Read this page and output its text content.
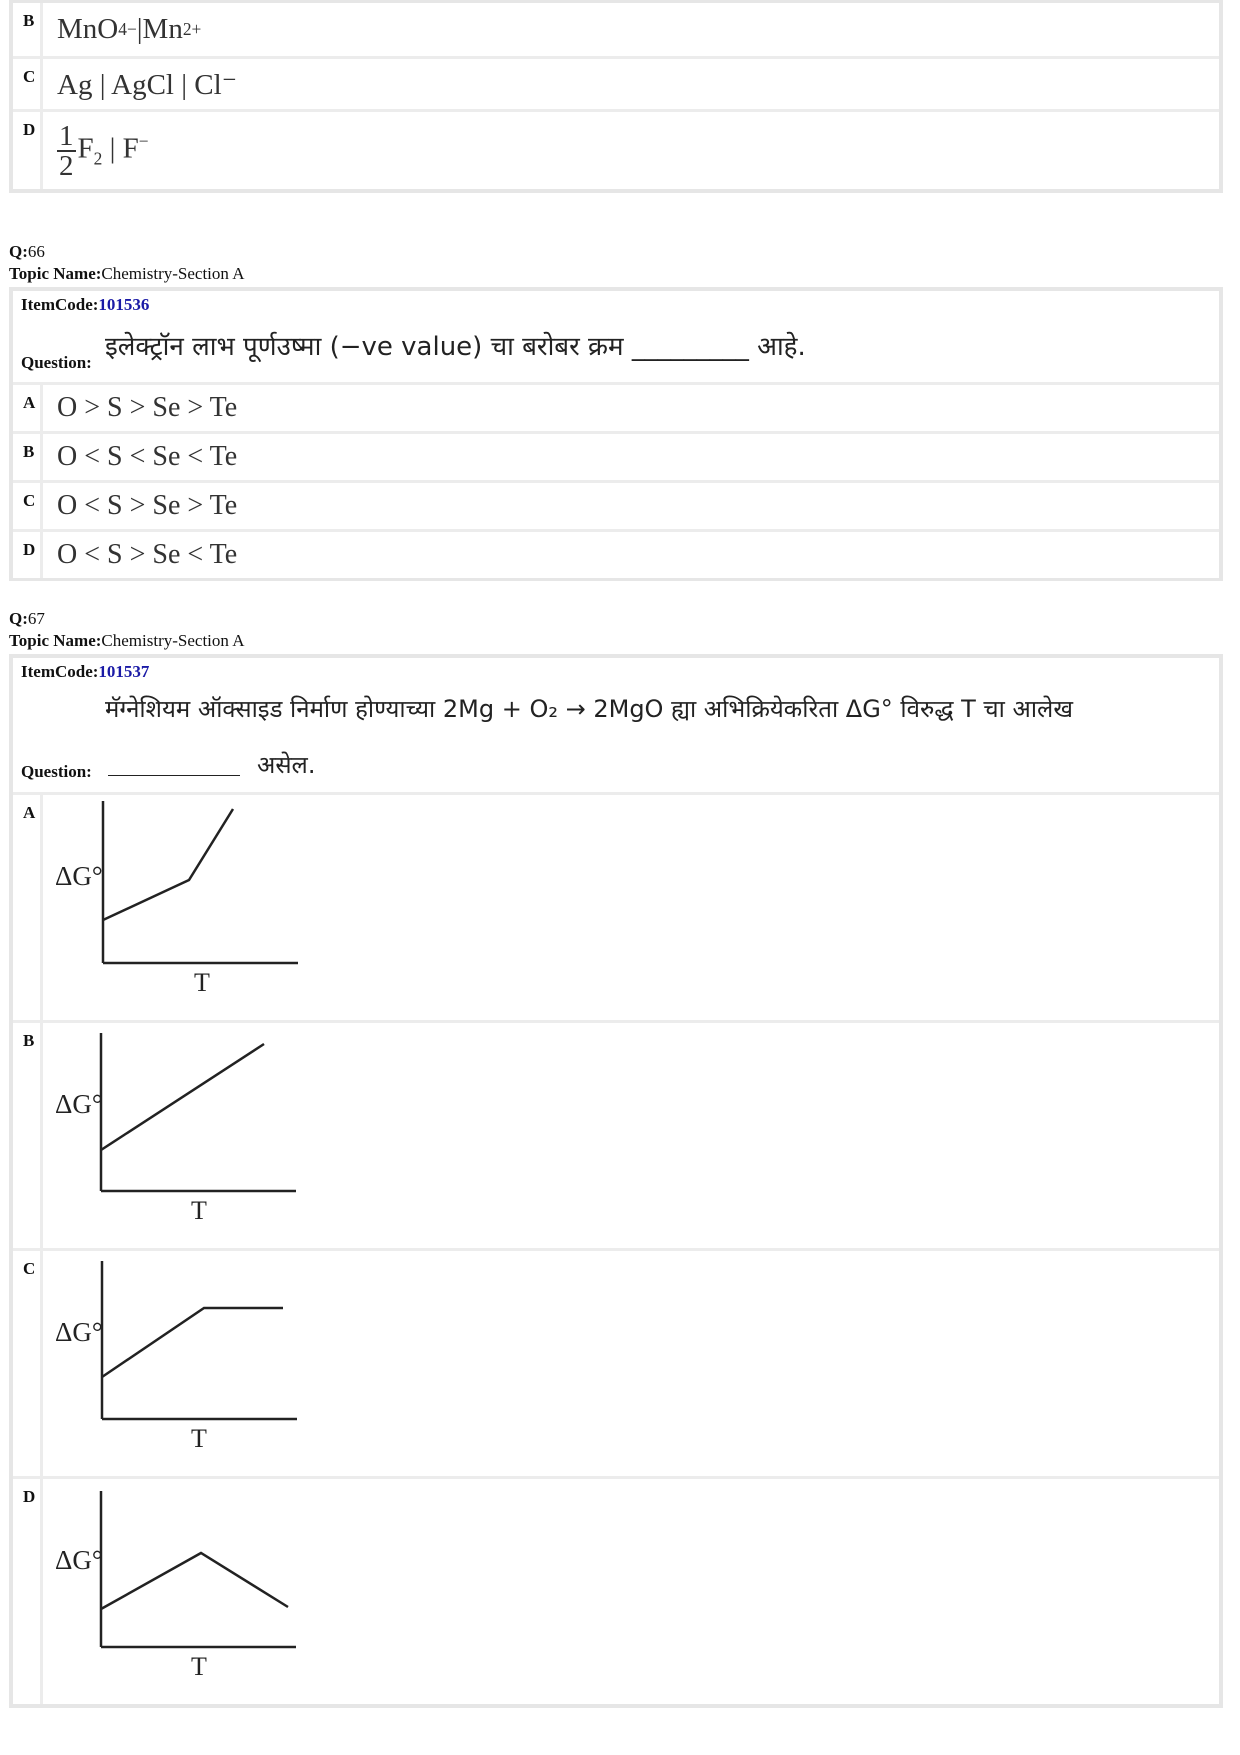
B MnO 4 − |Mn 2+
C Ag | AgCl | Cl⁻
D $\frac{1}{2} F_2$ | F−
Q:66
Topic Name:Chemistry-Section A
ItemCode:101536
Question:
इलेक्ट्रॉन लाभ पूर्णउष्मा (−ve value) चा बरोबर क्रम _________ आहे.
A O > S > Se > Te
B O < S < Se < Te
C O < S > Se > Te
D O < S > Se < Te
Q:67
Topic Name:Chemistry-Section A
ItemCode:101537
मॅग्नेशियम ऑक्साइड निर्माण होण्याच्या 2Mg + O₂ → 2MgO ह्या अभिक्रियेकरिता ΔG° विरुद्ध T चा आलेख
Question:	असेल.
A
ΔG°
T
B
ΔG°
T
C
ΔG°
T
D
ΔG°
T
